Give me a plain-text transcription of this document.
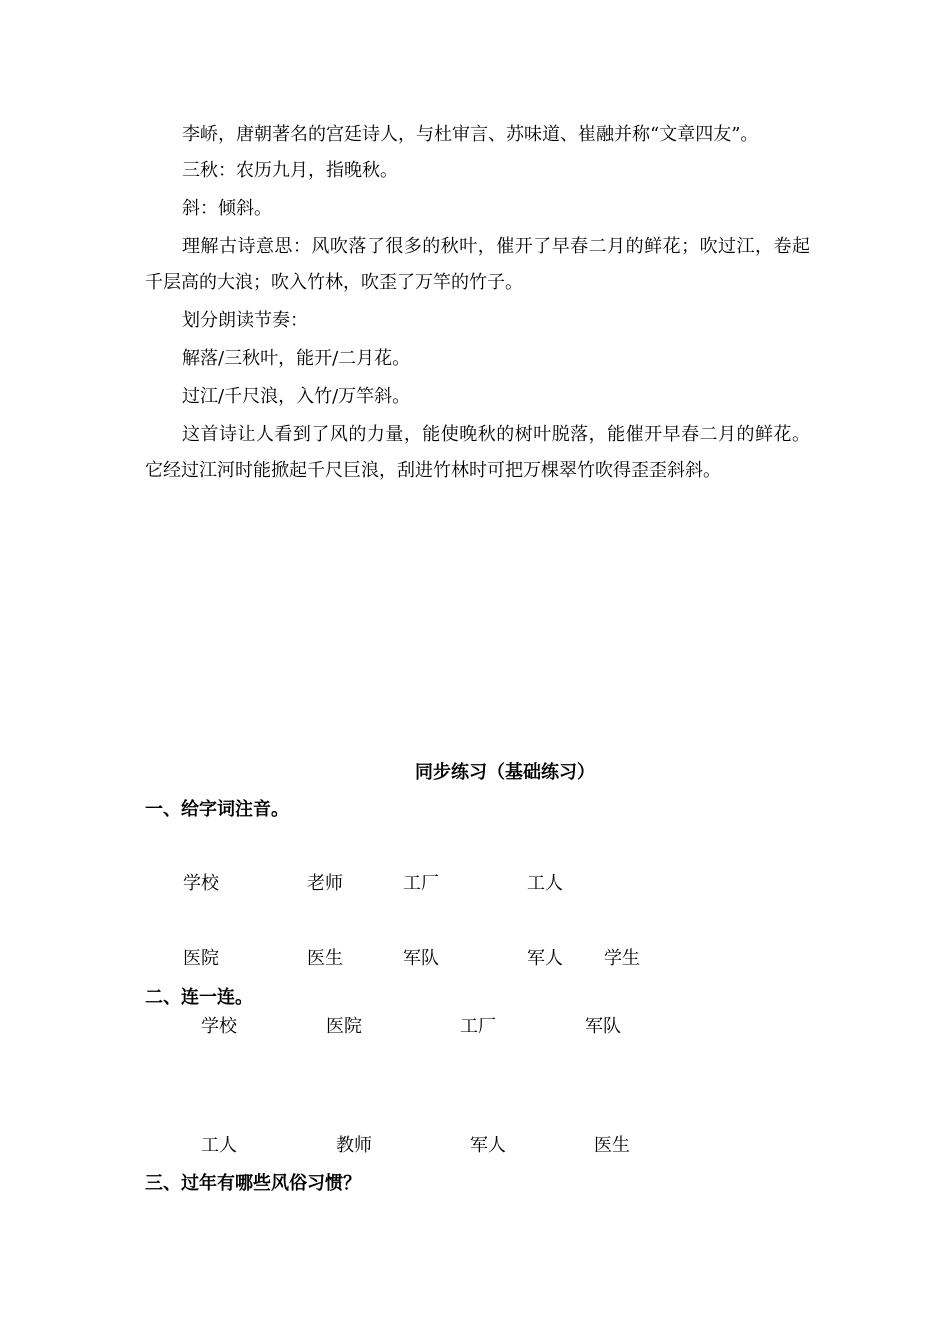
李峤，唐朝著名的宫廷诗人，与杜审言、苏味道、崔融并称“文章四友”。

三秋：农历九月，指晚秋。

斜：倾斜。

理解古诗意思：风吹落了很多的秋叶，催开了早春二月的鲜花；吹过江，卷起千层高的大浪；吹入竹林，吹歪了万竿的竹子。

划分朗读节奏：

解落/三秋叶，能开/二月花。

过江/千尺浪，入竹/万竿斜。

这首诗让人看到了风的力量，能使晚秋的树叶脱落，能催开早春二月的鲜花。它经过江河时能掀起千尺巨浪，刮进竹林时可把万棵翠竹吹得歪歪斜斜。

同步练习（基础练习）
一、给字词注音。
学校	老师	工厂	工人
医院	医生	军队	军人 学生
二、连一连。
学校	医院	工厂	军队
工人	教师	军人	医生
三、过年有哪些风俗习惯？
